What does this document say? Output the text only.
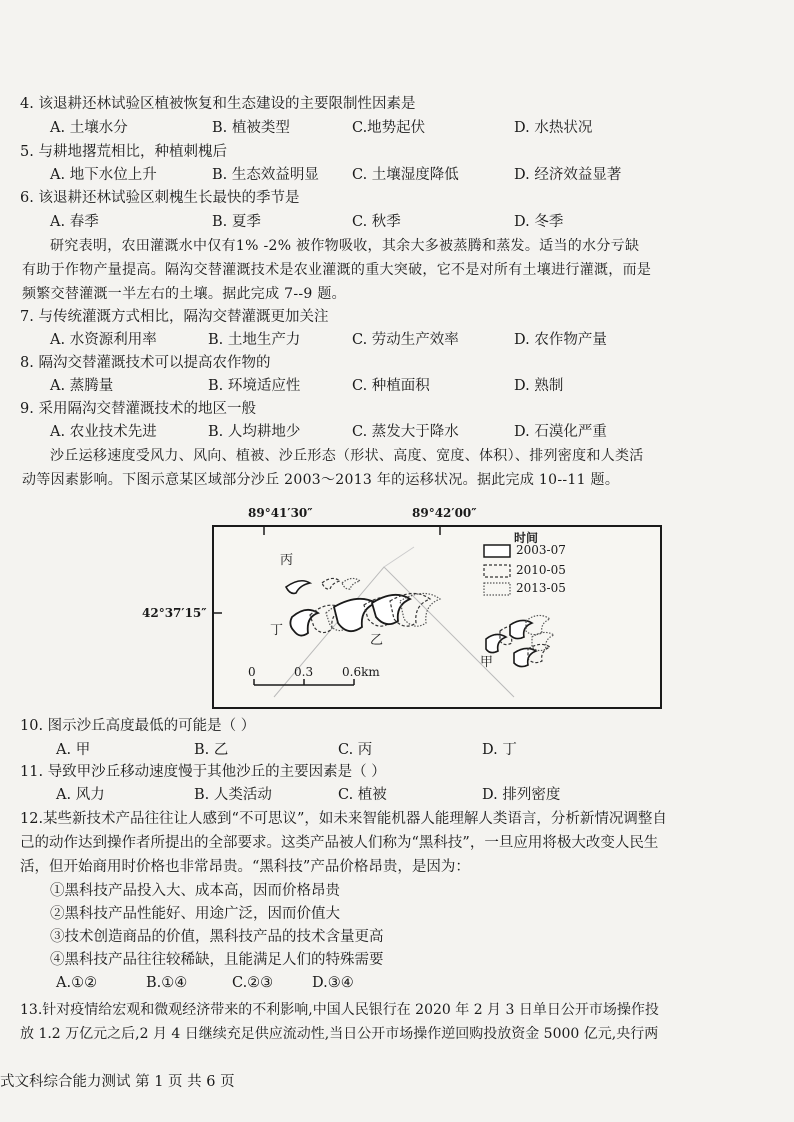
4. 该退耕还林试验区植被恢复和生态建设的主要限制性因素是
A. 土壤水分	B. 植被类型	C.地势起伏	D. 水热状况
5. 与耕地撂荒相比，种植刺槐后
A. 地下水位上升	B. 生态效益明显 C. 土壤湿度降低	D. 经济效益显著
6. 该退耕还林试验区刺槐生长最快的季节是
A. 春季	B. 夏季	C. 秋季	D. 冬季
研究表明，农田灌溉水中仅有1% -2% 被作物吸收，其余大多被蒸腾和蒸发。适当的水分亏缺
有助于作物产量提高。隔沟交替灌溉技术是农业灌溉的重大突破，它不是对所有土壤进行灌溉，而是
频繁交替灌溉一半左右的土壤。据此完成 7--9 题。
7. 与传统灌溉方式相比，隔沟交替灌溉更加关注
A. 水资源利用率	B. 土地生产力	C. 劳动生产效率	D. 农作物产量
8. 隔沟交替灌溉技术可以提高农作物的
A. 蒸腾量	B. 环境适应性	C. 种植面积	D. 熟制
9. 采用隔沟交替灌溉技术的地区一般
A. 农业技术先进	B. 人均耕地少	C. 蒸发大于降水	D. 石漠化严重
沙丘运移速度受风力、风向、植被、沙丘形态（形状、高度、宽度、体积）、排列密度和人类活
动等因素影响。下图示意某区域部分沙丘 2003～2013 年的运移状况。据此完成 10--11 题。
89°41′30″	89°42′00″
42°37′15″
时间
2003-07
2010-05
2013-05
丙
丁
乙
甲
0	0.3 0.6km
10. 图示沙丘高度最低的可能是（ ）
A. 甲	B. 乙	C. 丙	D. 丁
11. 导致甲沙丘移动速度慢于其他沙丘的主要因素是（ ）
A. 风力	B. 人类活动	C. 植被	D. 排列密度
12.某些新技术产品往往让人感到“不可思议”，如未来智能机器人能理解人类语言，分析新情况调整自
己的动作达到操作者所提出的全部要求。这类产品被人们称为“黑科技”，一旦应用将极大改变人民生
活，但开始商用时价格也非常昂贵。“黑科技”产品价格昂贵，是因为：
①黑科技产品投入大、成本高，因而价格昂贵
②黑科技产品性能好、用途广泛，因而价值大
③技术创造商品的价值，黑科技产品的技术含量更高
④黑科技产品往往较稀缺，且能满足人们的特殊需要
A.①②	B.①④	C.②③	D.③④
13.针对疫情给宏观和微观经济带来的不利影响,中国人民银行在 2020 年 2 月 3 日单日公开市场操作投
放 1.2 万亿元之后,2 月 4 日继续充足供应流动性,当日公开市场操作逆回购投放资金 5000 亿元,央行两
式文科综合能力测试 第 1 页 共 6 页
